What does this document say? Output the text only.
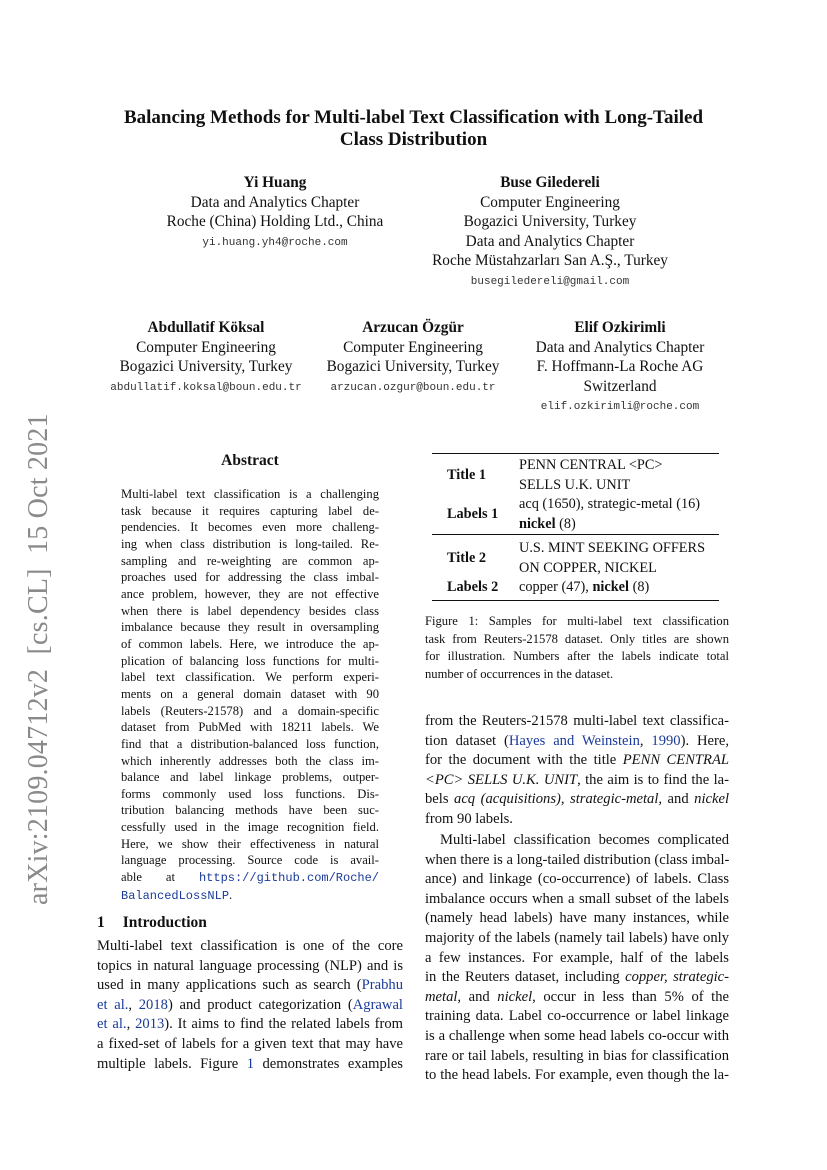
arXiv:2109.04712v2  [cs.CL]  15 Oct 2021
Balancing Methods for Multi-label Text Classification with Long-Tailed
Class Distribution
Yi Huang
Data and Analytics Chapter
Roche (China) Holding Ltd., China
yi.huang.yh4@roche.com
Buse Giledereli
Computer Engineering
Bogazici University, Turkey
Data and Analytics Chapter
Roche Müstahzarları San A.Ş., Turkey
busegiledereli@gmail.com
Abdullatif Köksal
Computer Engineering
Bogazici University, Turkey
abdullatif.koksal@boun.edu.tr
Arzucan Özgür
Computer Engineering
Bogazici University, Turkey
arzucan.ozgur@boun.edu.tr
Elif Ozkirimli
Data and Analytics Chapter
F. Hoffmann-La Roche AG
Switzerland
elif.ozkirimli@roche.com
Abstract
Multi-label text classification is a challenging
task because it requires capturing label de-
pendencies. It becomes even more challeng-
ing when class distribution is long-tailed. Re-
sampling and re-weighting are common ap-
proaches used for addressing the class imbal-
ance problem, however, they are not effective
when there is label dependency besides class
imbalance because they result in oversampling
of common labels. Here, we introduce the ap-
plication of balancing loss functions for multi-
label text classification. We perform experi-
ments on a general domain dataset with 90
labels (Reuters-21578) and a domain-specific
dataset from PubMed with 18211 labels. We
find that a distribution-balanced loss function,
which inherently addresses both the class im-
balance and label linkage problems, outper-
forms commonly used loss functions. Dis-
tribution balancing methods have been suc-
cessfully used in the image recognition field.
Here, we show their effectiveness in natural
language processing. Source code is avail-
able at https://github.com/Roche/
BalancedLossNLP.
1 Introduction
Multi-label text classification is one of the core
topics in natural language processing (NLP) and is
used in many applications such as search (Prabhu
et al., 2018) and product categorization (Agrawal
et al., 2013). It aims to find the related labels from
a fixed-set of labels for a given text that may have
multiple labels. Figure 1 demonstrates examples
Title 1	PENN CENTRAL <PC>
SELLS U.K. UNIT

Labels 1	acq (1650), strategic-metal (16)
nickel (8)

Title 2	U.S. MINT SEEKING OFFERS
ON COPPER, NICKEL

Labels 2	copper (47), nickel (8)
Figure 1: Samples for multi-label text classification
task from Reuters-21578 dataset. Only titles are shown
for illustration. Numbers after the labels indicate total
number of occurrences in the dataset.
from the Reuters-21578 multi-label text classifica-
tion dataset (Hayes and Weinstein, 1990). Here,
for the document with the title PENN CENTRAL
<PC> SELLS U.K. UNIT, the aim is to find the la-
bels acq (acquisitions), strategic-metal, and nickel
from 90 labels.
Multi-label classification becomes complicated
when there is a long-tailed distribution (class imbal-
ance) and linkage (co-occurrence) of labels. Class
imbalance occurs when a small subset of the labels
(namely head labels) have many instances, while
majority of the labels (namely tail labels) have only
a few instances. For example, half of the labels
in the Reuters dataset, including copper, strategic-
metal, and nickel, occur in less than 5% of the
training data. Label co-occurrence or label linkage
is a challenge when some head labels co-occur with
rare or tail labels, resulting in bias for classification
to the head labels. For example, even though the la-
